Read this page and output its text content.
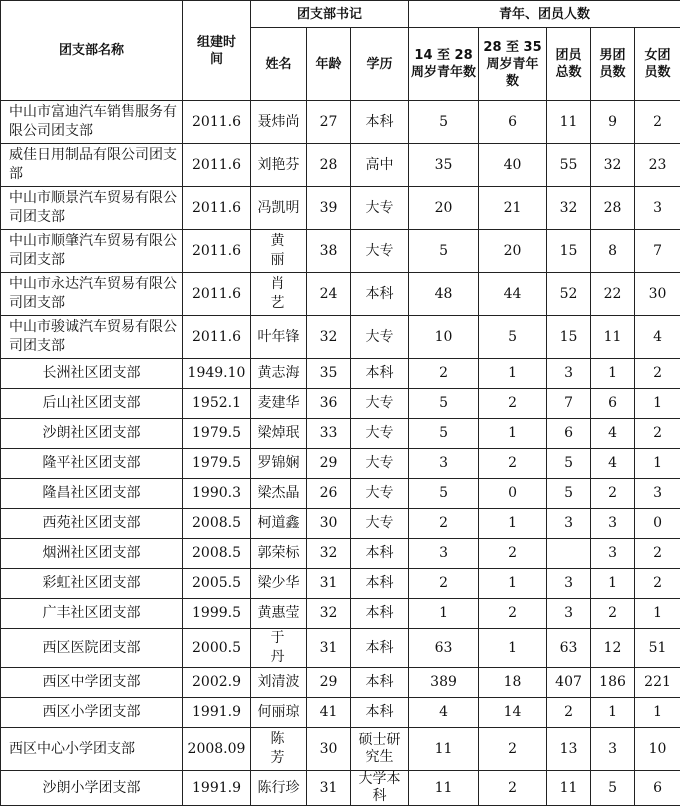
团支部名称	组建时间	团支部书记			青年、团员人数				
		姓名	年龄	学历	14 至 28 周岁青年数	28 至 35 周岁青年数	团员总数	男团员数	女团员数
中山市富迪汽车销售服务有限公司团支部	2011.6	聂炜尚	27	本科	5	6	11	9	2
威佳日用制品有限公司团支部	2011.6	刘艳芬	28	高中	35	40	55	32	23
中山市顺景汽车贸易有限公司团支部	2011.6	冯凯明	39	大专	20	21	32	28	3
中山市顺肇汽车贸易有限公司团支部	2011.6	黄丽	38	大专	5	20	15	8	7
中山市永达汽车贸易有限公司团支部	2011.6	肖艺	24	本科	48	44	52	22	30
中山市骏诚汽车贸易有限公司团支部	2011.6	叶年锋	32	大专	10	5	15	11	4
长洲社区团支部	1949.10	黄志海	35	本科	2	1	3	1	2
后山社区团支部	1952.1	麦建华	36	大专	5	2	7	6	1
沙朗社区团支部	1979.5	梁焯珉	33	大专	5	1	6	4	2
隆平社区团支部	1979.5	罗锦娴	29	大专	3	2	5	4	1
隆昌社区团支部	1990.3	梁杰晶	26	大专	5	0	5	2	3
西苑社区团支部	2008.5	柯道鑫	30	大专	2	1	3	3	0
烟洲社区团支部	2008.5	郭荣标	32	本科	3	2		3	2
彩虹社区团支部	2005.5	梁少华	31	本科	2	1	3	1	2
广丰社区团支部	1999.5	黄惠莹	32	本科	1	2	3	2	1
西区医院团支部	2000.5	于丹	31	本科	63	1	63	12	51
西区中学团支部	2002.9	刘清波	29	本科	389	18	407	186	221
西区小学团支部	1991.9	何丽琼	41	本科	4	14	2	1	1
西区中心小学团支部	2008.09	陈芳	30	硕士研究生	11	2	13	3	10
沙朗小学团支部	1991.9	陈行珍	31	大学本科	11	2	11	5	6
